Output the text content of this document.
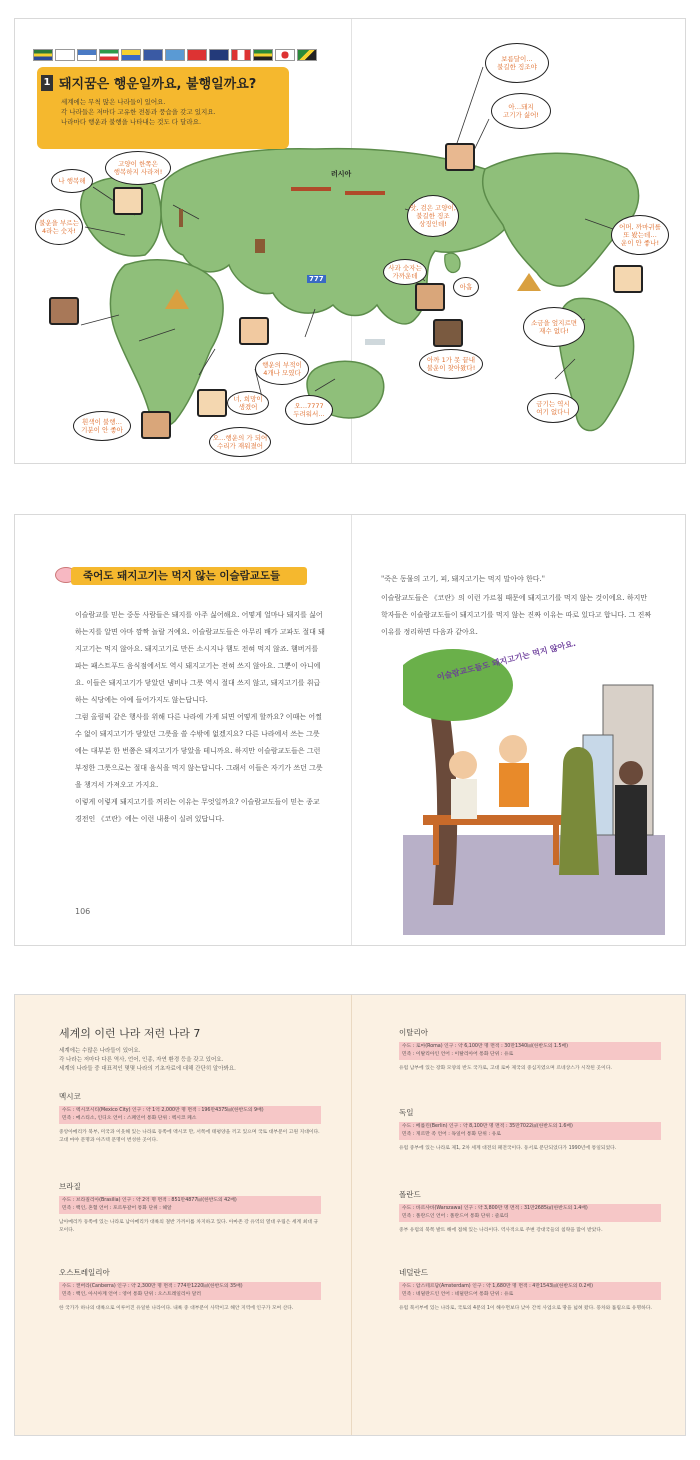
1 돼지꿈은 행운일까요, 불행일까요?
세계에는 무척 많은 나라들이 있어요.
각 나라들은 저마다 고유한 전통과 풍습을 갖고 있지요.
나라마다 행운과 불행을 나타내는 것도 다 달라요.
보름달이…
불길한 징조야
아…돼지
고기가 싫어!
나 행복해
고양이 한쪽은
행복하지 사라져!
불운을 부르는
4라는 숫자!
앗, 검은 고양이,
불길한 징조
상징인데!
사과 숫자는
가까운데
아홉
소금을 엎지르면
재수 없다!
아까 1가 못 끝내
불운이 찾아왔다!
어머, 까마귀를
또 봤는데…
운이 안 좋나!
행운의 부적이
4개나 모였다
오…7777
두려워서…
너, 희망이
생겼어
오…행운의 가 되어
수리가 재워졌어
흰색이 불행…
기분이 안 좋아
금기는 역시
여기 없다니
러시아
777
죽어도 돼지고기는 먹지 않는 이슬람교도들

이슬람교를 믿는 중동 사람들은 돼지를 아주 싫어해요. 어떻게 얼마나 돼지를 싫어하는지를 알면 아마 깜짝 놀랄 거예요. 이슬람교도들은 아무리 배가 고파도 절대 돼지고기는 먹지 않아요. 돼지고기로 만든 소시지나 햄도 전혀 먹지 않죠. 햄버거를 파는 패스트푸드 음식점에서도 역시 돼지고기는 전혀 쓰지 않아요. 그뿐이 아니에요. 이들은 돼지고기가 닿았던 냄비나 그릇 역시 절대 쓰지 않고, 돼지고기를 취급하는 식당에는 아예 들어가지도 않는답니다.

그럼 올림픽 같은 행사를 위해 다른 나라에 가게 되면 어떻게 할까요? 이때는 어쩔 수 없이 돼지고기가 닿았던 그릇을 쓸 수밖에 없겠지요? 다른 나라에서 쓰는 그릇에는 대부분 한 번쯤은 돼지고기가 닿았을 테니까요. 하지만 이슬람교도들은 그런 부정한 그릇으로는 절대 음식을 먹지 않는답니다. 그래서 이들은 자기가 쓰던 그릇을 챙겨서 가져오고 가지요.

이렇게 이렇게 돼지고기를 꺼리는 이유는 무엇일까요? 이슬람교도들이 믿는 종교 경전인 《코란》에는 이런 내용이 실려 있답니다.

106

"죽은 동물의 고기, 피, 돼지고기는 먹지 말아야 한다."

이슬람교도들은 《코란》의 이런 가르침 때문에 돼지고기를 먹지 않는 것이에요. 하지만 학자들은 이슬람교도들이 돼지고기를 먹지 않는 진짜 이유는 따로 있다고 합니다. 그 진짜 이유를 정리하면 다음과 같아요.

이슬람교도들도 돼지고기는 먹지 않아요.
세계의 이런 나라 저런 나라 7
세계에는 수많은 나라들이 있어요.
각 나라는 저마다 다른 역사, 언어, 인종, 자연 환경 등을 갖고 있어요.
세계의 나라들 중 대표적인 몇몇 나라의 기초자료에 대해 간단히 알아봐요.
멕시코
수도 : 멕시코시티(Mexico City) 인구 : 약 1억 2,000만 명 면적 : 196만4375㎢(한반도의 9배)
민족 : 메스티소, 인디오 언어 : 스페인어 통화 단위 : 멕시코 페소
중앙아메리카 북부, 미국과 이웃해 있는 나라로 동쪽에 멕시코 만, 서쪽에 태평양을 끼고 있으며 국토 대부분이 고원 지대이다. 고대 마야 문명과 아즈텍 문명이 번성한 곳이다.
브라질
수도 : 브라질리아(Brasilia) 인구 : 약 2억 명 면적 : 851만4877㎢(한반도의 42배)
민족 : 백인, 혼혈 언어 : 포르투갈어 통화 단위 : 헤알
남아메리카 동쪽에 있는 나라로 남아메리카 대륙의 절반 가까이를 차지하고 있다. 아마존 강 유역의 열대 우림은 세계 최대 규모이다.
오스트레일리아
수도 : 캔버라(Canberra) 인구 : 약 2,300만 명 면적 : 774만1220㎢(한반도의 35배)
민족 : 백인, 아시아계 언어 : 영어 통화 단위 : 오스트레일리아 달러
한 국가가 하나의 대륙으로 이루어진 유일한 나라이다. 내륙 중 대부분이 사막이고 해안 지역에 인구가 모여 산다.
이탈리아
수도 : 로마(Roma) 인구 : 약 6,100만 명 면적 : 30만1340㎢(한반도의 1.5배)
민족 : 이탈리아인 언어 : 이탈리아어 통화 단위 : 유로
유럽 남부에 있는 장화 모양의 반도 국가로, 고대 로마 제국의 중심지였으며 르네상스가 시작된 곳이다.
독일
수도 : 베를린(Berlin) 인구 : 약 8,100만 명 면적 : 35만7022㎢(한반도의 1.6배)
민족 : 게르만 족 언어 : 독일어 통화 단위 : 유로
유럽 중부에 있는 나라로 제1, 2차 세계 대전의 패전국이다. 동서로 분단되었다가 1990년에 통일되었다.
폴란드
수도 : 바르샤바(Warszawa) 인구 : 약 3,800만 명 면적 : 31만2685㎢(한반도의 1.4배)
민족 : 폴란드인 언어 : 폴란드어 통화 단위 : 즐로티
중부 유럽의 북쪽 발트 해에 접해 있는 나라이다. 역사적으로 주변 강대국들의 침략을 많이 받았다.
네덜란드
수도 : 암스테르담(Amsterdam) 인구 : 약 1,680만 명 면적 : 4만1543㎢(한반도의 0.2배)
민족 : 네덜란드인 언어 : 네덜란드어 통화 단위 : 유로
유럽 북서부에 있는 나라로, 국토의 4분의 1이 해수면보다 낮아 간척 사업으로 땅을 넓혀 왔다. 풍차와 튤립으로 유명하다.
